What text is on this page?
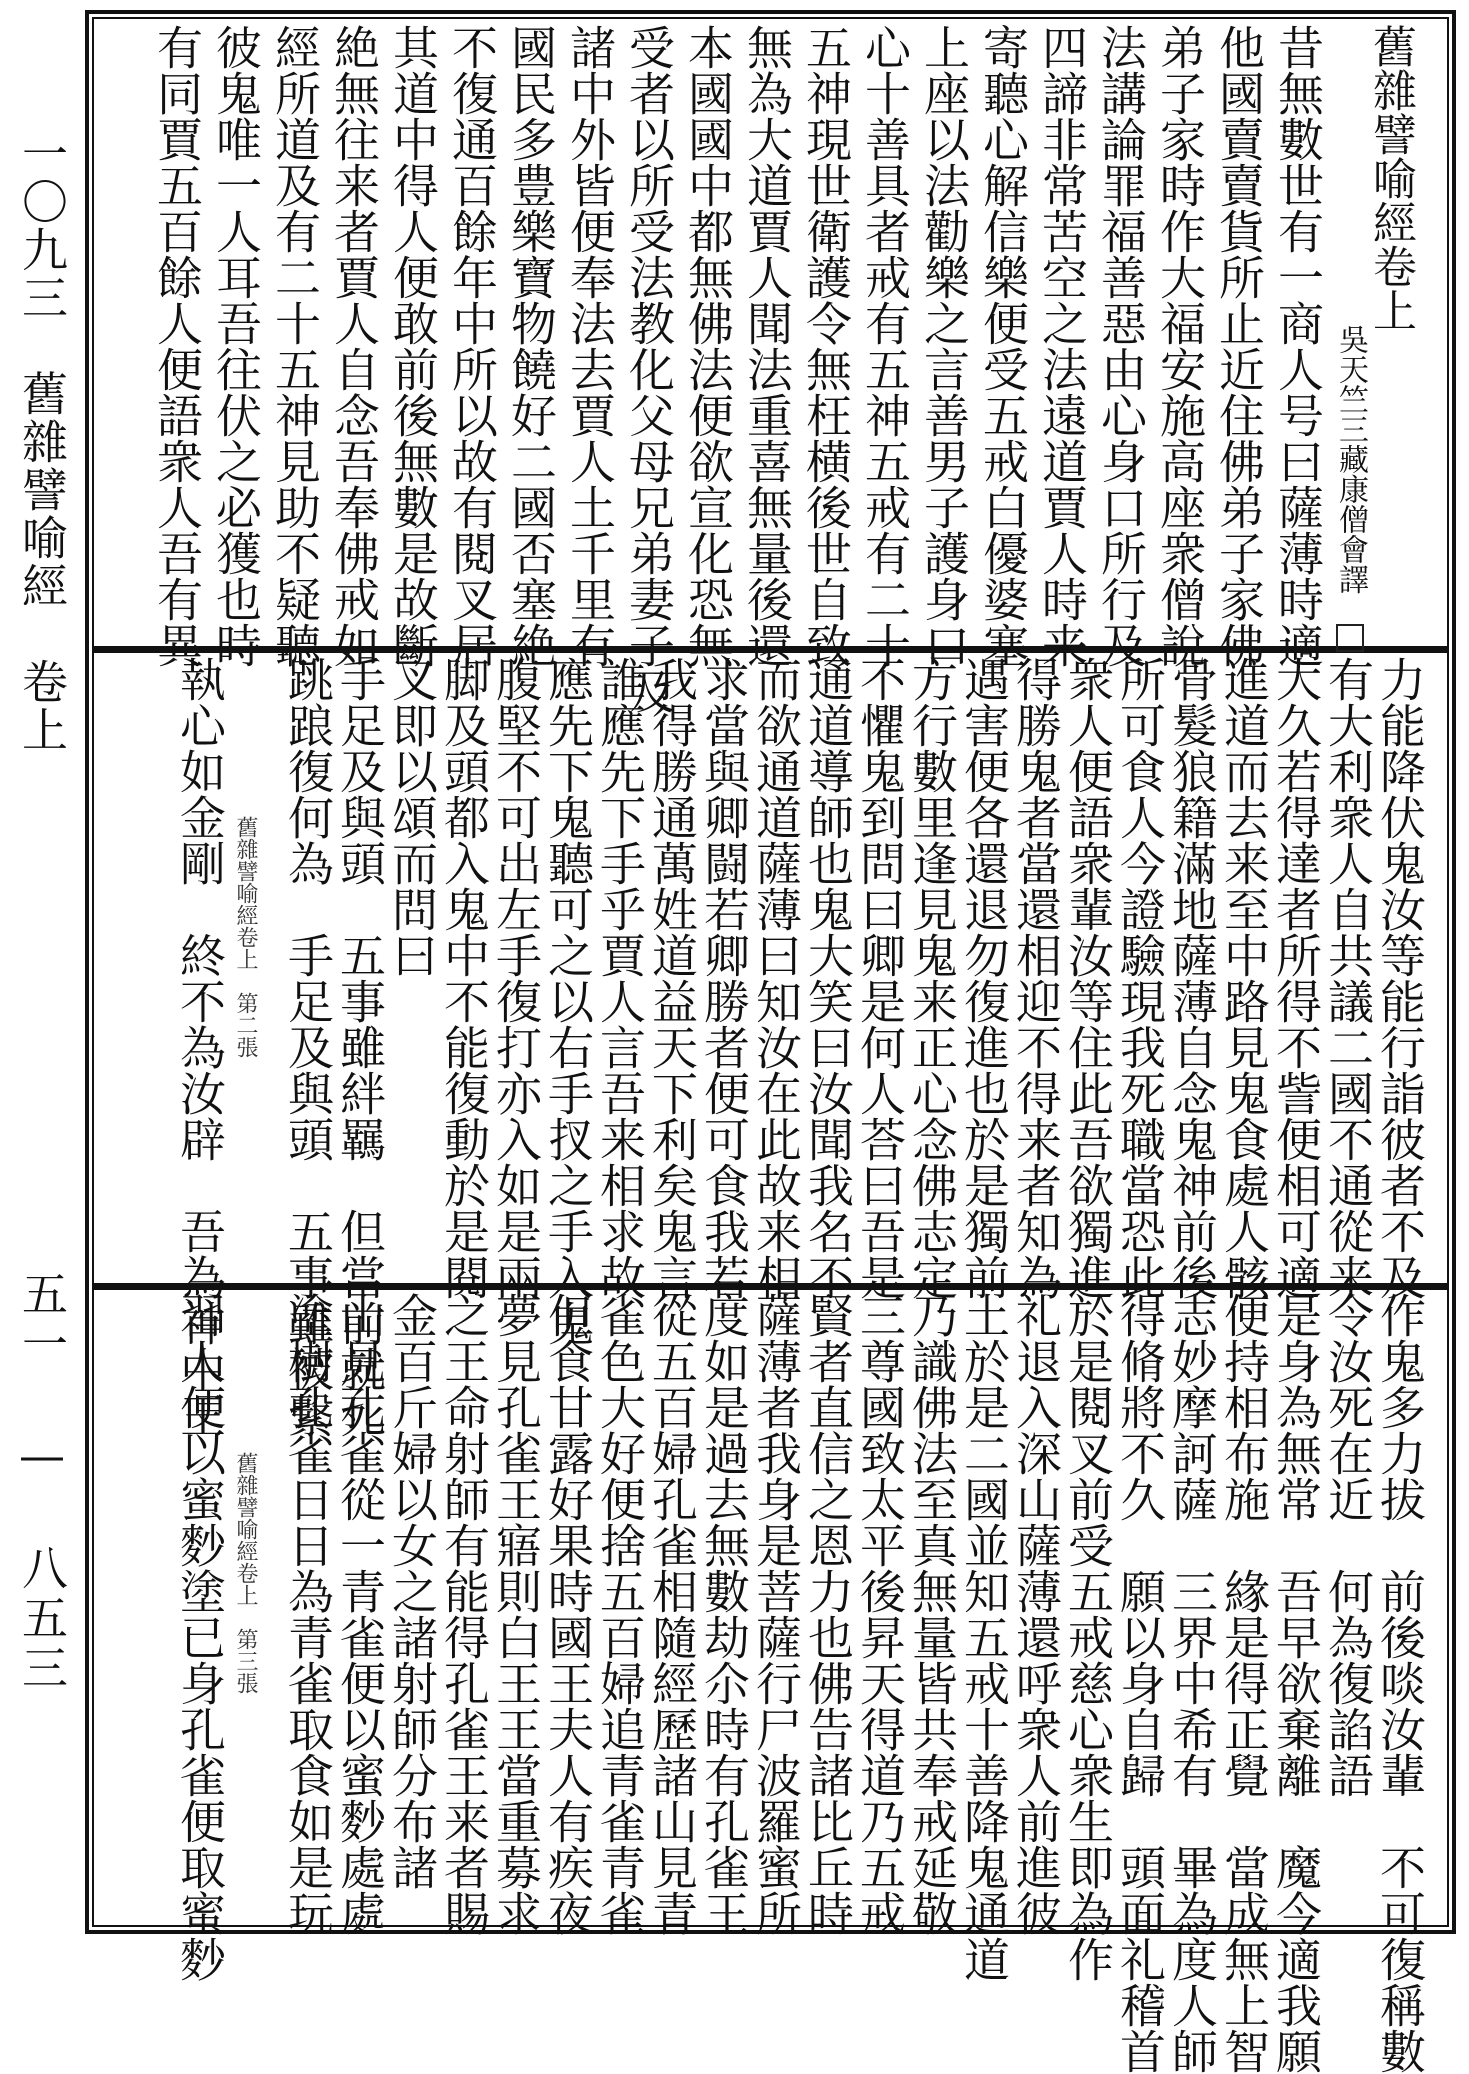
一〇九三　舊雜譬喻經　卷上
五一 — 八五三
舊雜譬喻經卷上
吳天竺三藏康僧會譯　
昔無數世有一商人号曰薩薄時適
他國賣賣貨所止近住佛弟子家佛
弟子家時作大福安施高座衆僧說
法講論罪福善惡由心身口所行及
四諦非常苦空之法遠道賈人時来
寄聽心解信樂便受五戒白優婆塞
上座以法勸樂之言善男子護身口
心十善具者戒有五神五戒有二十
五神現世衛護令無枉横後世自致
無為大道賈人聞法重喜無量後還
本國國中都無佛法便欲宣化恐無
受者以所受法教化父母兄弟妻子及
諸中外皆便奉法去賈人土千里有
國民多豊樂寶物饒好二國否塞絶
不復通百餘年中所以故有閱叉居
其道中得人便敢前後無數是故斷
絶無往来者賈人自念吾奉佛戒如
經所道及有二十五神見助不疑聽
彼鬼唯一人耳吾往伏之必獲也時
有同賈五百餘人便語衆人吾有異
力能降伏鬼汝等能行詣彼者不及
有大利衆人自共議二國不通從来
大久若得達者所得不訾便相可適
進道而去来至中路見鬼食處人骸
骨髮狼籍滿地薩薄自念鬼神前後
所可食人今證驗現我死職當恐此
衆人便語衆輩汝等住此吾欲獨進
得勝鬼者當還相迎不得来者知為
遇害便各還退勿復進也於是獨前
方行數里逢見鬼来正心念佛志定
不懼鬼到問曰卿是何人荅曰吾是
通道導師也鬼大笑曰汝聞我名不
而欲通道薩薄曰知汝在此故来相
求當與卿闘若卿勝者便可食我若
我得勝通萬姓道益天下利矣鬼言
誰應先下手乎賈人言吾来相求故
應先下鬼聽可之以右手扠之手入鬼
腹堅不可出左手復打亦入如是兩
脚及頭都入鬼中不能復動於是閱
叉即以頌而問曰
手足及與頭　五事雖絆羈　但當前就死
跳踉復何為　手足及與頭　五事雖被繫
舊雜譬喻經卷上　第二張
執心如金剛　終不為汝辟　吾為神中王
作鬼多力拔　前後啖汝輩　不可復稱數
令汝死在近　何為復諂語
是身為無常　吾早欲棄離　魔今適我願
便持相布施　緣是得正覺　當成無上智
志妙摩訶薩　三界中希有　畢為度人師
得脩將不久　願以身自歸　頭面礼稽首
於是閱叉前受五戒慈心衆生即為作
礼退入深山薩薄還呼衆人前進彼
土於是二國並知五戒十善降鬼通道
乃識佛法至真無量皆共奉戒延敬
三尊國致太平後昇天得道乃五戒
賢者直信之恩力也佛告諸比丘時
薩薄者我身是菩薩行尸波羅蜜所
度如是過去無數劫尒時有孔雀王
從五百婦孔雀相隨經歷諸山見青
雀色大好便捨五百婦追青雀青雀
但食甘露好果時國王夫人有疾夜
夢見孔雀王寤則白王王當重募求
之王命射師有能得孔雀王来者賜
金百斤婦以女之諸射師分布諸
山見孔雀從一青雀便以蜜麨處處
塗樹孔雀日日為青雀取食如是玩
舊雜譬喻經卷上　第三張
習人便以蜜麨塗已身孔雀便取蜜麨
